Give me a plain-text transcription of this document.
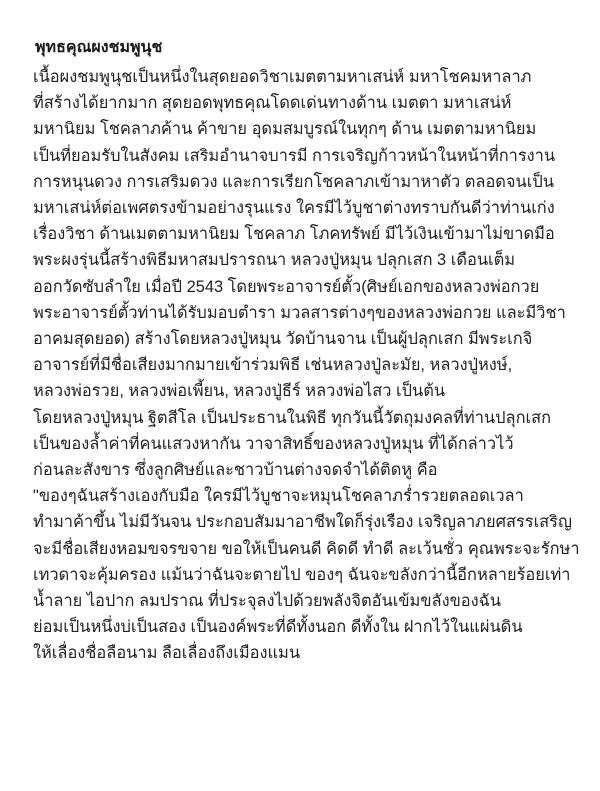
พุทธคุณผงชมพูนุช
เนื้อผงชมพูนุชเป็นหนึ่งในสุดยอดวิชาเมตตามหาเสน่ห์ มหาโชคมหาลาภ
ที่สร้างได้ยากมาก สุดยอดพุทธคุณโดดเด่นทางด้าน เมตตา มหาเสน่ห์
มหานิยม โชคลาภค้าน ค้าขาย อุดมสมบูรณ์ในทุกๆ ด้าน เมตตามหานิยม
เป็นที่ยอมรับในสังคม เสริมอำนาจบารมี การเจริญก้าวหน้าในหน้าที่การงาน
การหนุนดวง การเสริมดวง และการเรียกโชคลาภเข้ามาหาตัว ตลอดจนเป็น
มหาเสน่ห์ต่อเพศตรงข้ามอย่างรุนแรง ใครมีไว้บูชาต่างทราบกันดีว่าท่านเก่ง
เรื่องวิชา ด้านเมตตามหานิยม โชคลาภ โภคทรัพย์ มีไว้เงินเข้ามาไม่ขาดมือ
พระผงรุ่นนี้สร้างพิธีมหาสมปรารถนา หลวงปู่หมุน ปลุกเสก 3 เดือนเต็ม
ออกวัดซับลำใย เมื่อปี 2543 โดยพระอาจารย์ตั้ว(ศิษย์เอกของหลวงพ่อกวย
พระอาจารย์ตั้วท่านได้รับมอบตำรา มวลสารต่างๆของหลวงพ่อกวย และมีวิชา
อาคมสุดยอด) สร้างโดยหลวงปู่หมุน วัดบ้านจาน เป็นผู้ปลุกเสก มีพระเกจิ
อาจารย์ที่มีชื่อเสียงมากมายเข้าร่วมพิธี เช่นหลวงปู่ละมัย, หลวงปู่หงษ์,
หลวงพ่อรวย, หลวงพ่อเพี้ยน, หลวงปู่ธีร์ หลวงพ่อไสว เป็นต้น
โดยหลวงปู่หมุน ฐิตสีโล เป็นประธานในพิธี ทุกวันนี้วัตถุมงคลที่ท่านปลุกเสก
เป็นของล้ำค่าที่คนแสวงหากัน วาจาสิทธิ์ของหลวงปู่หมุน ที่ได้กล่าวไว้
ก่อนละสังขาร ซึ่งลูกศิษย์และชาวบ้านต่างจดจำได้ติดหู คือ
"ของๆฉันสร้างเองกับมือ ใครมีไว้บูชาจะหมุนโชคลาภร่ำรวยตลอดเวลา
ทำมาค้าขึ้น ไม่มีวันจน ประกอบสัมมาอาชีพใดก็รุ่งเรือง เจริญลาภยศสรรเสริญ
จะมีชื่อเสียงหอมขจรขจาย ขอให้เป็นคนดี คิดดี ทำดี ละเว้นชั่ว คุณพระจะรักษา
เทวดาจะคุ้มครอง แม้นว่าฉันจะตายไป ของๆ ฉันจะขลังกว่านี้อีกหลายร้อยเท่า
น้ำลาย ไอปาก ลมปราณ ที่ประจุลงไปด้วยพลังจิตอันเข้มขลังของฉัน
ย่อมเป็นหนึ่งบ่เป็นสอง เป็นองค์พระที่ดีทั้งนอก ดีทั้งใน ฝากไว้ในแผ่นดิน
ให้เลื่องชื่อลือนาม ลือเลื่องถึงเมืองแมน
